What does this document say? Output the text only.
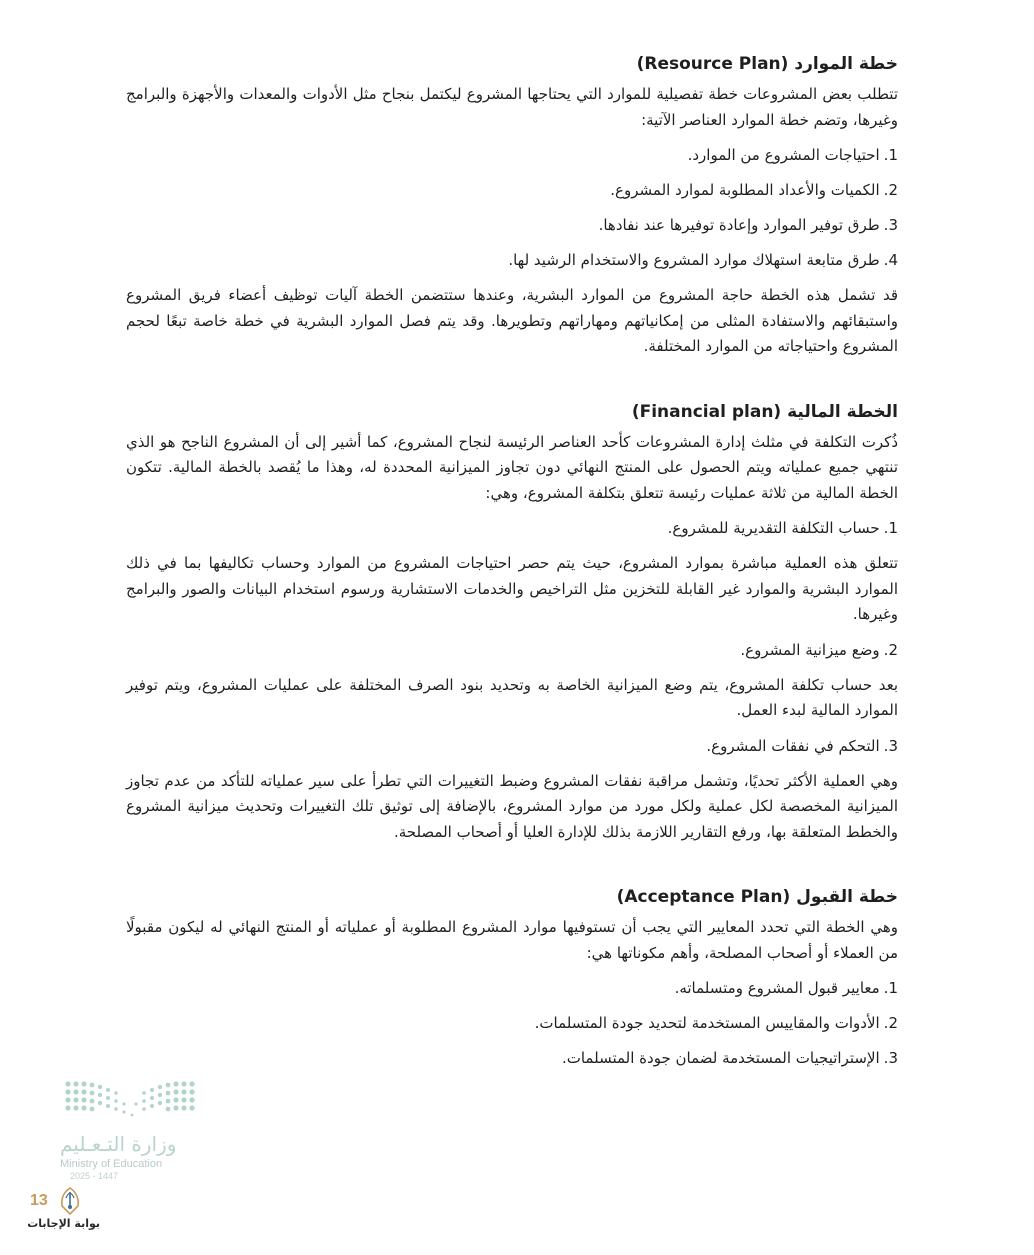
خطة الموارد (Resource Plan)

تتطلب بعض المشروعات خطة تفصيلية للموارد التي يحتاجها المشروع ليكتمل بنجاح مثل الأدوات والمعدات والأجهزة والبرامج وغيرها، وتضم خطة الموارد العناصر الآتية:

1.احتياجات المشروع من الموارد.
2.الكميات والأعداد المطلوبة لموارد المشروع.
3.طرق توفير الموارد وإعادة توفيرها عند نفادها.
4.طرق متابعة استهلاك موارد المشروع والاستخدام الرشيد لها.

قد تشمل هذه الخطة حاجة المشروع من الموارد البشرية، وعندها ستتضمن الخطة آليات توظيف أعضاء فريق المشروع واستبقائهم والاستفادة المثلى من إمكانياتهم ومهاراتهم وتطويرها. وقد يتم فصل الموارد البشرية في خطة خاصة تبعًا لحجم المشروع واحتياجاته من الموارد المختلفة.

الخطة المالية (Financial plan)

ذُكرت التكلفة في مثلث إدارة المشروعات كأحد العناصر الرئيسة لنجاح المشروع، كما أشير إلى أن المشروع الناجح هو الذي تنتهي جميع عملياته ويتم الحصول على المنتج النهائي دون تجاوز الميزانية المحددة له، وهذا ما يُقصد بالخطة المالية. تتكون الخطة المالية من ثلاثة عمليات رئيسة تتعلق بتكلفة المشروع، وهي:

1.حساب التكلفة التقديرية للمشروع.

تتعلق هذه العملية مباشرة بموارد المشروع، حيث يتم حصر احتياجات المشروع من الموارد وحساب تكاليفها بما في ذلك الموارد البشرية والموارد غير القابلة للتخزين مثل التراخيص والخدمات الاستشارية ورسوم استخدام البيانات والصور والبرامج وغيرها.

2.وضع ميزانية المشروع.

بعد حساب تكلفة المشروع، يتم وضع الميزانية الخاصة به وتحديد بنود الصرف المختلفة على عمليات المشروع، ويتم توفير الموارد المالية لبدء العمل.

3.التحكم في نفقات المشروع.

وهي العملية الأكثر تحديًا، وتشمل مراقبة نفقات المشروع وضبط التغييرات التي تطرأ على سير عملياته للتأكد من عدم تجاوز الميزانية المخصصة لكل عملية ولكل مورد من موارد المشروع، بالإضافة إلى توثيق تلك التغييرات وتحديث ميزانية المشروع والخطط المتعلقة بها، ورفع التقارير اللازمة بذلك للإدارة العليا أو أصحاب المصلحة.

خطة القبول (Acceptance Plan)

وهي الخطة التي تحدد المعايير التي يجب أن تستوفيها موارد المشروع المطلوبة أو عملياته أو المنتج النهائي له ليكون مقبولًا من العملاء أو أصحاب المصلحة، وأهم مكوناتها هي:

1.معايير قبول المشروع ومتسلماته.
2.الأدوات والمقاييس المستخدمة لتحديد جودة المتسلمات.
3.الإستراتيجيات المستخدمة لضمان جودة المتسلمات.
وزارة التـعـليم
Ministry of Education
2025 - 1447
13
بوابة الإجابات
